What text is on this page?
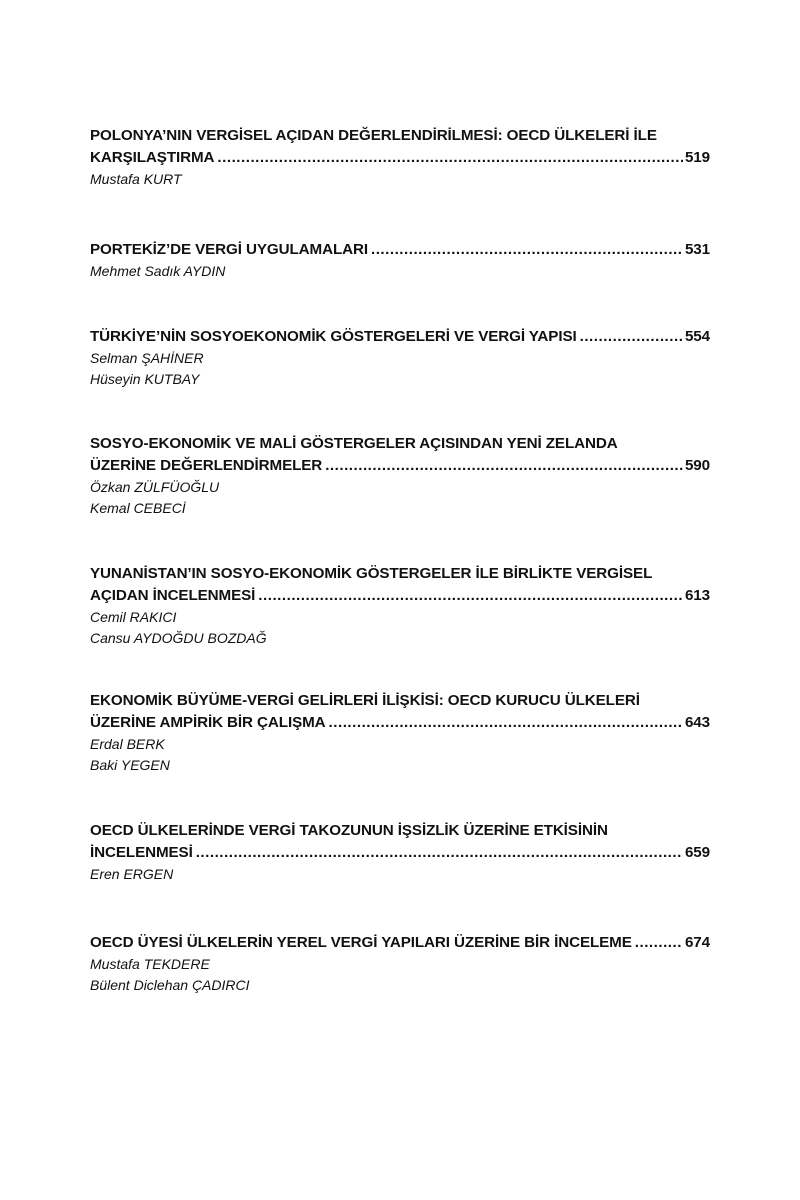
POLONYA’NIN VERGİSEL AÇIDAN DEĞERLENDİRİLMESİ: OECD ÜLKELERİ İLE
KARŞILAŞTIRMA .....	519
Mustafa KURT
PORTEKİZ’DE VERGİ UYGULAMALARI .....	531
Mehmet Sadık AYDIN
TÜRKİYE’NİN SOSYOEKONOMİK GÖSTERGELERİ VE VERGİ YAPISI .....	554
Selman ŞAHİNER
Hüseyin KUTBAY
SOSYO-EKONOMİK VE MALİ GÖSTERGELER AÇISINDAN YENİ ZELANDA
ÜZERİNE DEĞERLENDİRMELER .....	590
Özkan ZÜLFÜOĞLU
Kemal CEBECİ
YUNANİSTAN’IN SOSYO-EKONOMİK GÖSTERGELER İLE BİRLİKTE VERGİSEL
AÇIDAN İNCELENMESİ .....	613
Cemil RAKICI
Cansu AYDOĞDU BOZDAĞ
EKONOMİK BÜYÜME-VERGİ GELİRLERİ İLİŞKİSİ: OECD KURUCU ÜLKELERİ
ÜZERİNE AMPİRİK BİR ÇALIŞMA .....	643
Erdal BERK
Baki YEGEN
OECD ÜLKELERİNDE VERGİ TAKOZUNUN İŞSİZLİK ÜZERİNE ETKİSİNİN
İNCELENMESİ .....	659
Eren ERGEN
OECD ÜYESİ ÜLKELERİN YEREL VERGİ YAPILARI ÜZERİNE BİR İNCELEME .....	674
Mustafa TEKDERE
Bülent Diclehan ÇADIRCI
